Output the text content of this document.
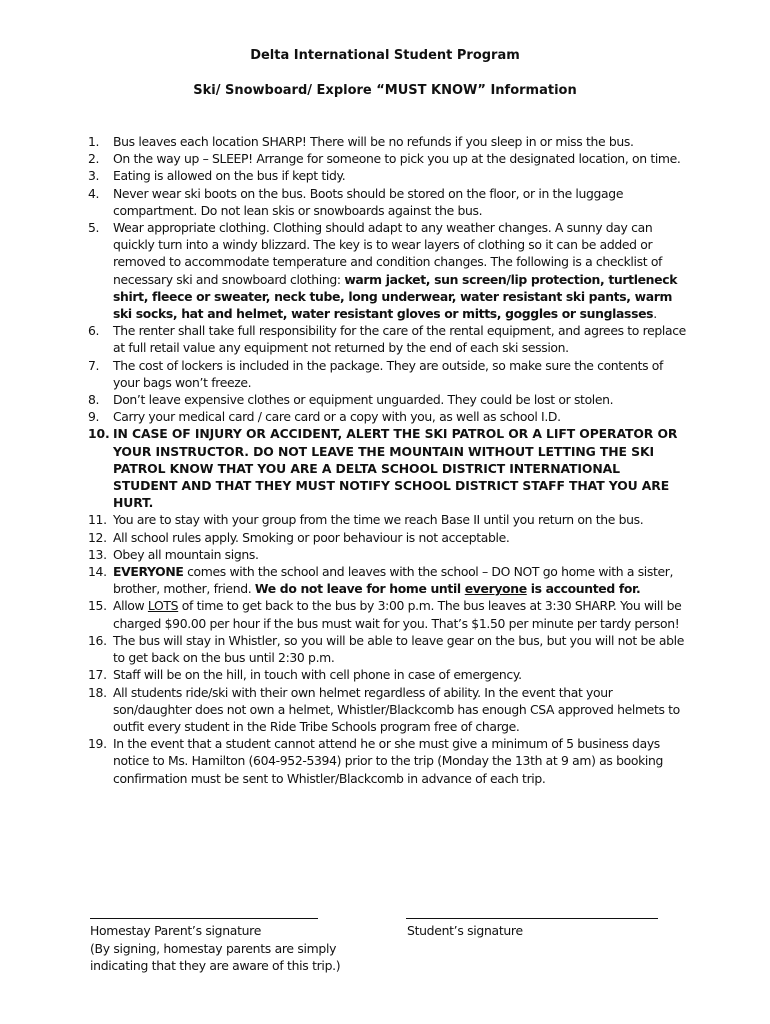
Delta International Student Program
Ski/ Snowboard/ Explore “MUST KNOW” Information
1. Bus leaves each location SHARP! There will be no refunds if you sleep in or miss the bus.
2. On the way up – SLEEP! Arrange for someone to pick you up at the designated location, on time.
3. Eating is allowed on the bus if kept tidy.
4. Never wear ski boots on the bus. Boots should be stored on the floor, or in the luggage compartment. Do not lean skis or snowboards against the bus.
5. Wear appropriate clothing. Clothing should adapt to any weather changes. A sunny day can quickly turn into a windy blizzard. The key is to wear layers of clothing so it can be added or removed to accommodate temperature and condition changes. The following is a checklist of necessary ski and snowboard clothing: warm jacket, sun screen/lip protection, turtleneck shirt, fleece or sweater, neck tube, long underwear, water resistant ski pants, warm ski socks, hat and helmet, water resistant gloves or mitts, goggles or sunglasses.
6. The renter shall take full responsibility for the care of the rental equipment, and agrees to replace at full retail value any equipment not returned by the end of each ski session.
7. The cost of lockers is included in the package. They are outside, so make sure the contents of your bags won’t freeze.
8. Don’t leave expensive clothes or equipment unguarded. They could be lost or stolen.
9. Carry your medical card / care card or a copy with you, as well as school I.D.
10. IN CASE OF INJURY OR ACCIDENT, ALERT THE SKI PATROL OR A LIFT OPERATOR OR YOUR INSTRUCTOR. DO NOT LEAVE THE MOUNTAIN WITHOUT LETTING THE SKI PATROL KNOW THAT YOU ARE A DELTA SCHOOL DISTRICT INTERNATIONAL STUDENT AND THAT THEY MUST NOTIFY SCHOOL DISTRICT STAFF THAT YOU ARE HURT.
11. You are to stay with your group from the time we reach Base II until you return on the bus.
12. All school rules apply. Smoking or poor behaviour is not acceptable.
13. Obey all mountain signs.
14. EVERYONE comes with the school and leaves with the school – DO NOT go home with a sister, brother, mother, friend. We do not leave for home until everyone is accounted for.
15. Allow LOTS of time to get back to the bus by 3:00 p.m. The bus leaves at 3:30 SHARP. You will be charged $90.00 per hour if the bus must wait for you. That’s $1.50 per minute per tardy person!
16. The bus will stay in Whistler, so you will be able to leave gear on the bus, but you will not be able to get back on the bus until 2:30 p.m.
17. Staff will be on the hill, in touch with cell phone in case of emergency.
18. All students ride/ski with their own helmet regardless of ability. In the event that your son/daughter does not own a helmet, Whistler/Blackcomb has enough CSA approved helmets to outfit every student in the Ride Tribe Schools program free of charge.
19. In the event that a student cannot attend he or she must give a minimum of 5 business days notice to Ms. Hamilton (604-952-5394) prior to the trip (Monday the 13th at 9 am) as booking confirmation must be sent to Whistler/Blackcomb in advance of each trip.
Homestay Parent’s signature
(By signing, homestay parents are simply
indicating that they are aware of this trip.)
Student’s signature
